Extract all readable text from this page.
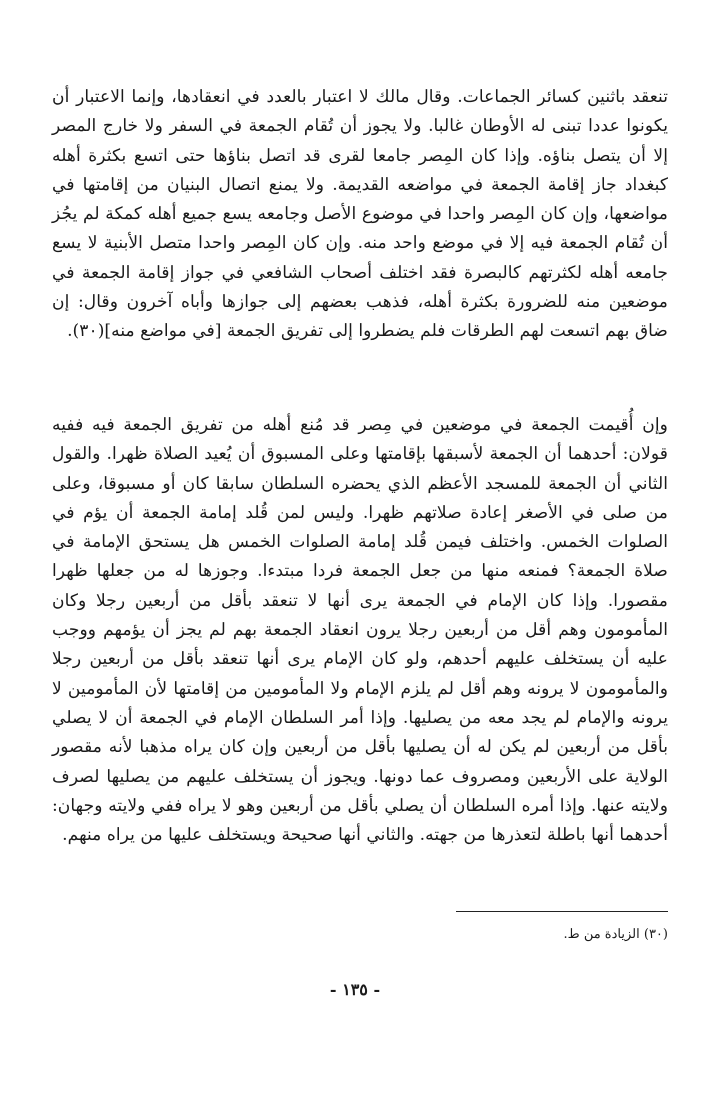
تنعقد باثنين كسائر الجماعات. وقال مالك لا اعتبار بالعدد في انعقادها، وإنما الاعتبار أن يكونوا عددا تبنى له الأوطان غالبا. ولا يجوز أن تُقام الجمعة في السفر ولا خارج المصر إلا أن يتصل بناؤه. وإذا كان المِصر جامعا لقرى قد اتصل بناؤها حتى اتسع بكثرة أهله كبغداد جاز إقامة الجمعة في مواضعه القديمة. ولا يمنع اتصال البنيان من إقامتها في مواضعها، وإن كان المِصر واحدا في موضوع الأصل وجامعه يسع جميع أهله كمكة لم يجُز أن تُقام الجمعة فيه إلا في موضع واحد منه. وإن كان المِصر واحدا متصل الأبنية لا يسع جامعه أهله لكثرتهم كالبصرة فقد اختلف أصحاب الشافعي في جواز إقامة الجمعة في موضعين منه للضرورة بكثرة أهله، فذهب بعضهم إلى جوازها وأباه آخرون وقال: إن ضاق بهم اتسعت لهم الطرقات فلم يضطروا إلى تفريق الجمعة [في مواضع منه](٣٠).

وإن أُقيمت الجمعة في موضعين في مِصر قد مُنع أهله من تفريق الجمعة فيه ففيه قولان: أحدهما أن الجمعة لأسبقها بإقامتها وعلى المسبوق أن يُعيد الصلاة ظهرا. والقول الثاني أن الجمعة للمسجد الأعظم الذي يحضره السلطان سابقا كان أو مسبوقا، وعلى من صلى في الأصغر إعادة صلاتهم ظهرا. وليس لمن قُلد إمامة الجمعة أن يؤم في الصلوات الخمس. واختلف فيمن قُلد إمامة الصلوات الخمس هل يستحق الإمامة في صلاة الجمعة؟ فمنعه منها من جعل الجمعة فردا مبتدءا. وجوزها له من جعلها ظهرا مقصورا. وإذا كان الإمام في الجمعة يرى أنها لا تنعقد بأقل من أربعين رجلا وكان المأمومون وهم أقل من أربعين رجلا يرون انعقاد الجمعة بهم لم يجز أن يؤمهم ووجب عليه أن يستخلف عليهم أحدهم، ولو كان الإمام يرى أنها تنعقد بأقل من أربعين رجلا والمأمومون لا يرونه وهم أقل لم يلزم الإمام ولا المأمومين من إقامتها لأن المأمومين لا يرونه والإمام لم يجد معه من يصليها. وإذا أمر السلطان الإمام في الجمعة أن لا يصلي بأقل من أربعين لم يكن له أن يصليها بأقل من أربعين وإن كان يراه مذهبا لأنه مقصور الولاية على الأربعين ومصروف عما دونها. ويجوز أن يستخلف عليهم من يصليها لصرف ولايته عنها. وإذا أمره السلطان أن يصلي بأقل من أربعين وهو لا يراه ففي ولايته وجهان: أحدهما أنها باطلة لتعذرها من جهته. والثاني أنها صحيحة ويستخلف عليها من يراه منهم.

(٣٠) الزيادة من ط.

- ١٣٥ -
